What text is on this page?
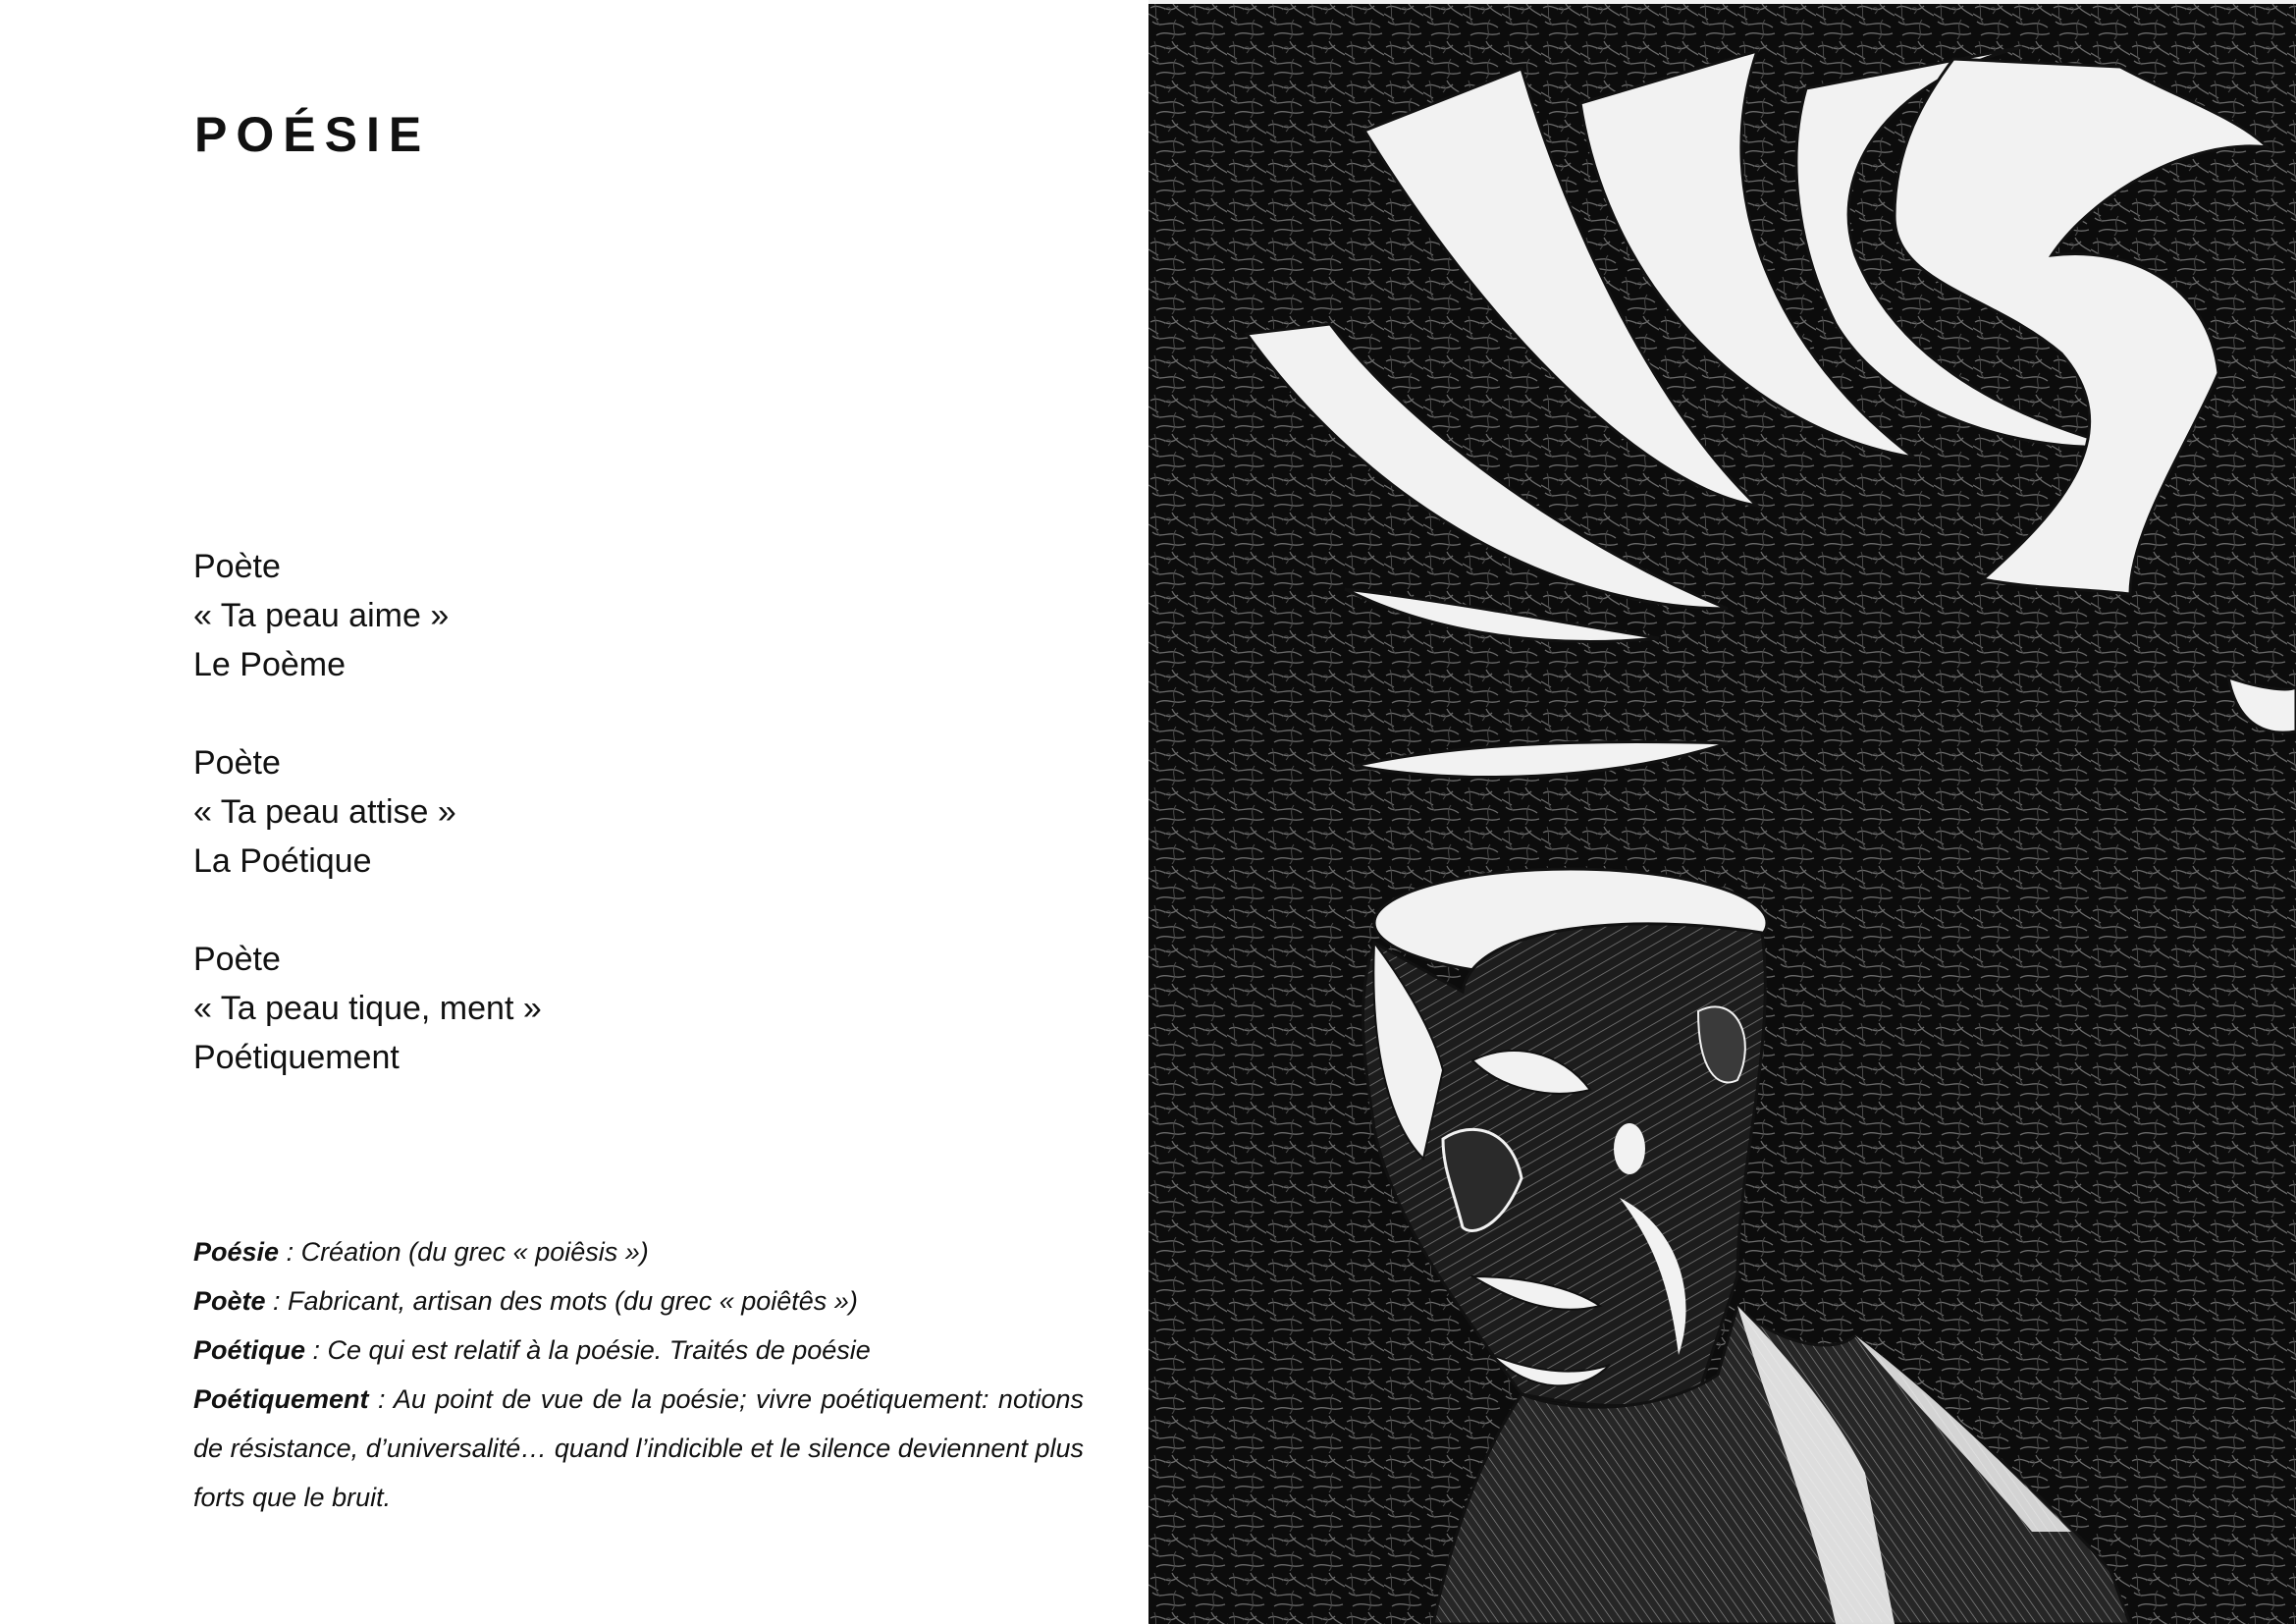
POÉSIE
Poète
« Ta peau aime »
Le Poème
Poète
« Ta peau attise »
La Poétique
Poète
« Ta peau tique, ment »
Poétiquement

Poésie : Création (du grec « poiêsis »)

Poète : Fabricant, artisan des mots (du grec « poiêtês »)

Poétique : Ce qui est relatif à la poésie. Traités de poésie

Poétiquement : Au point de vue de la poésie; vivre poétiquement: notions de résistance, d’universalité… quand l’indicible et le silence deviennent plus forts que le bruit.
